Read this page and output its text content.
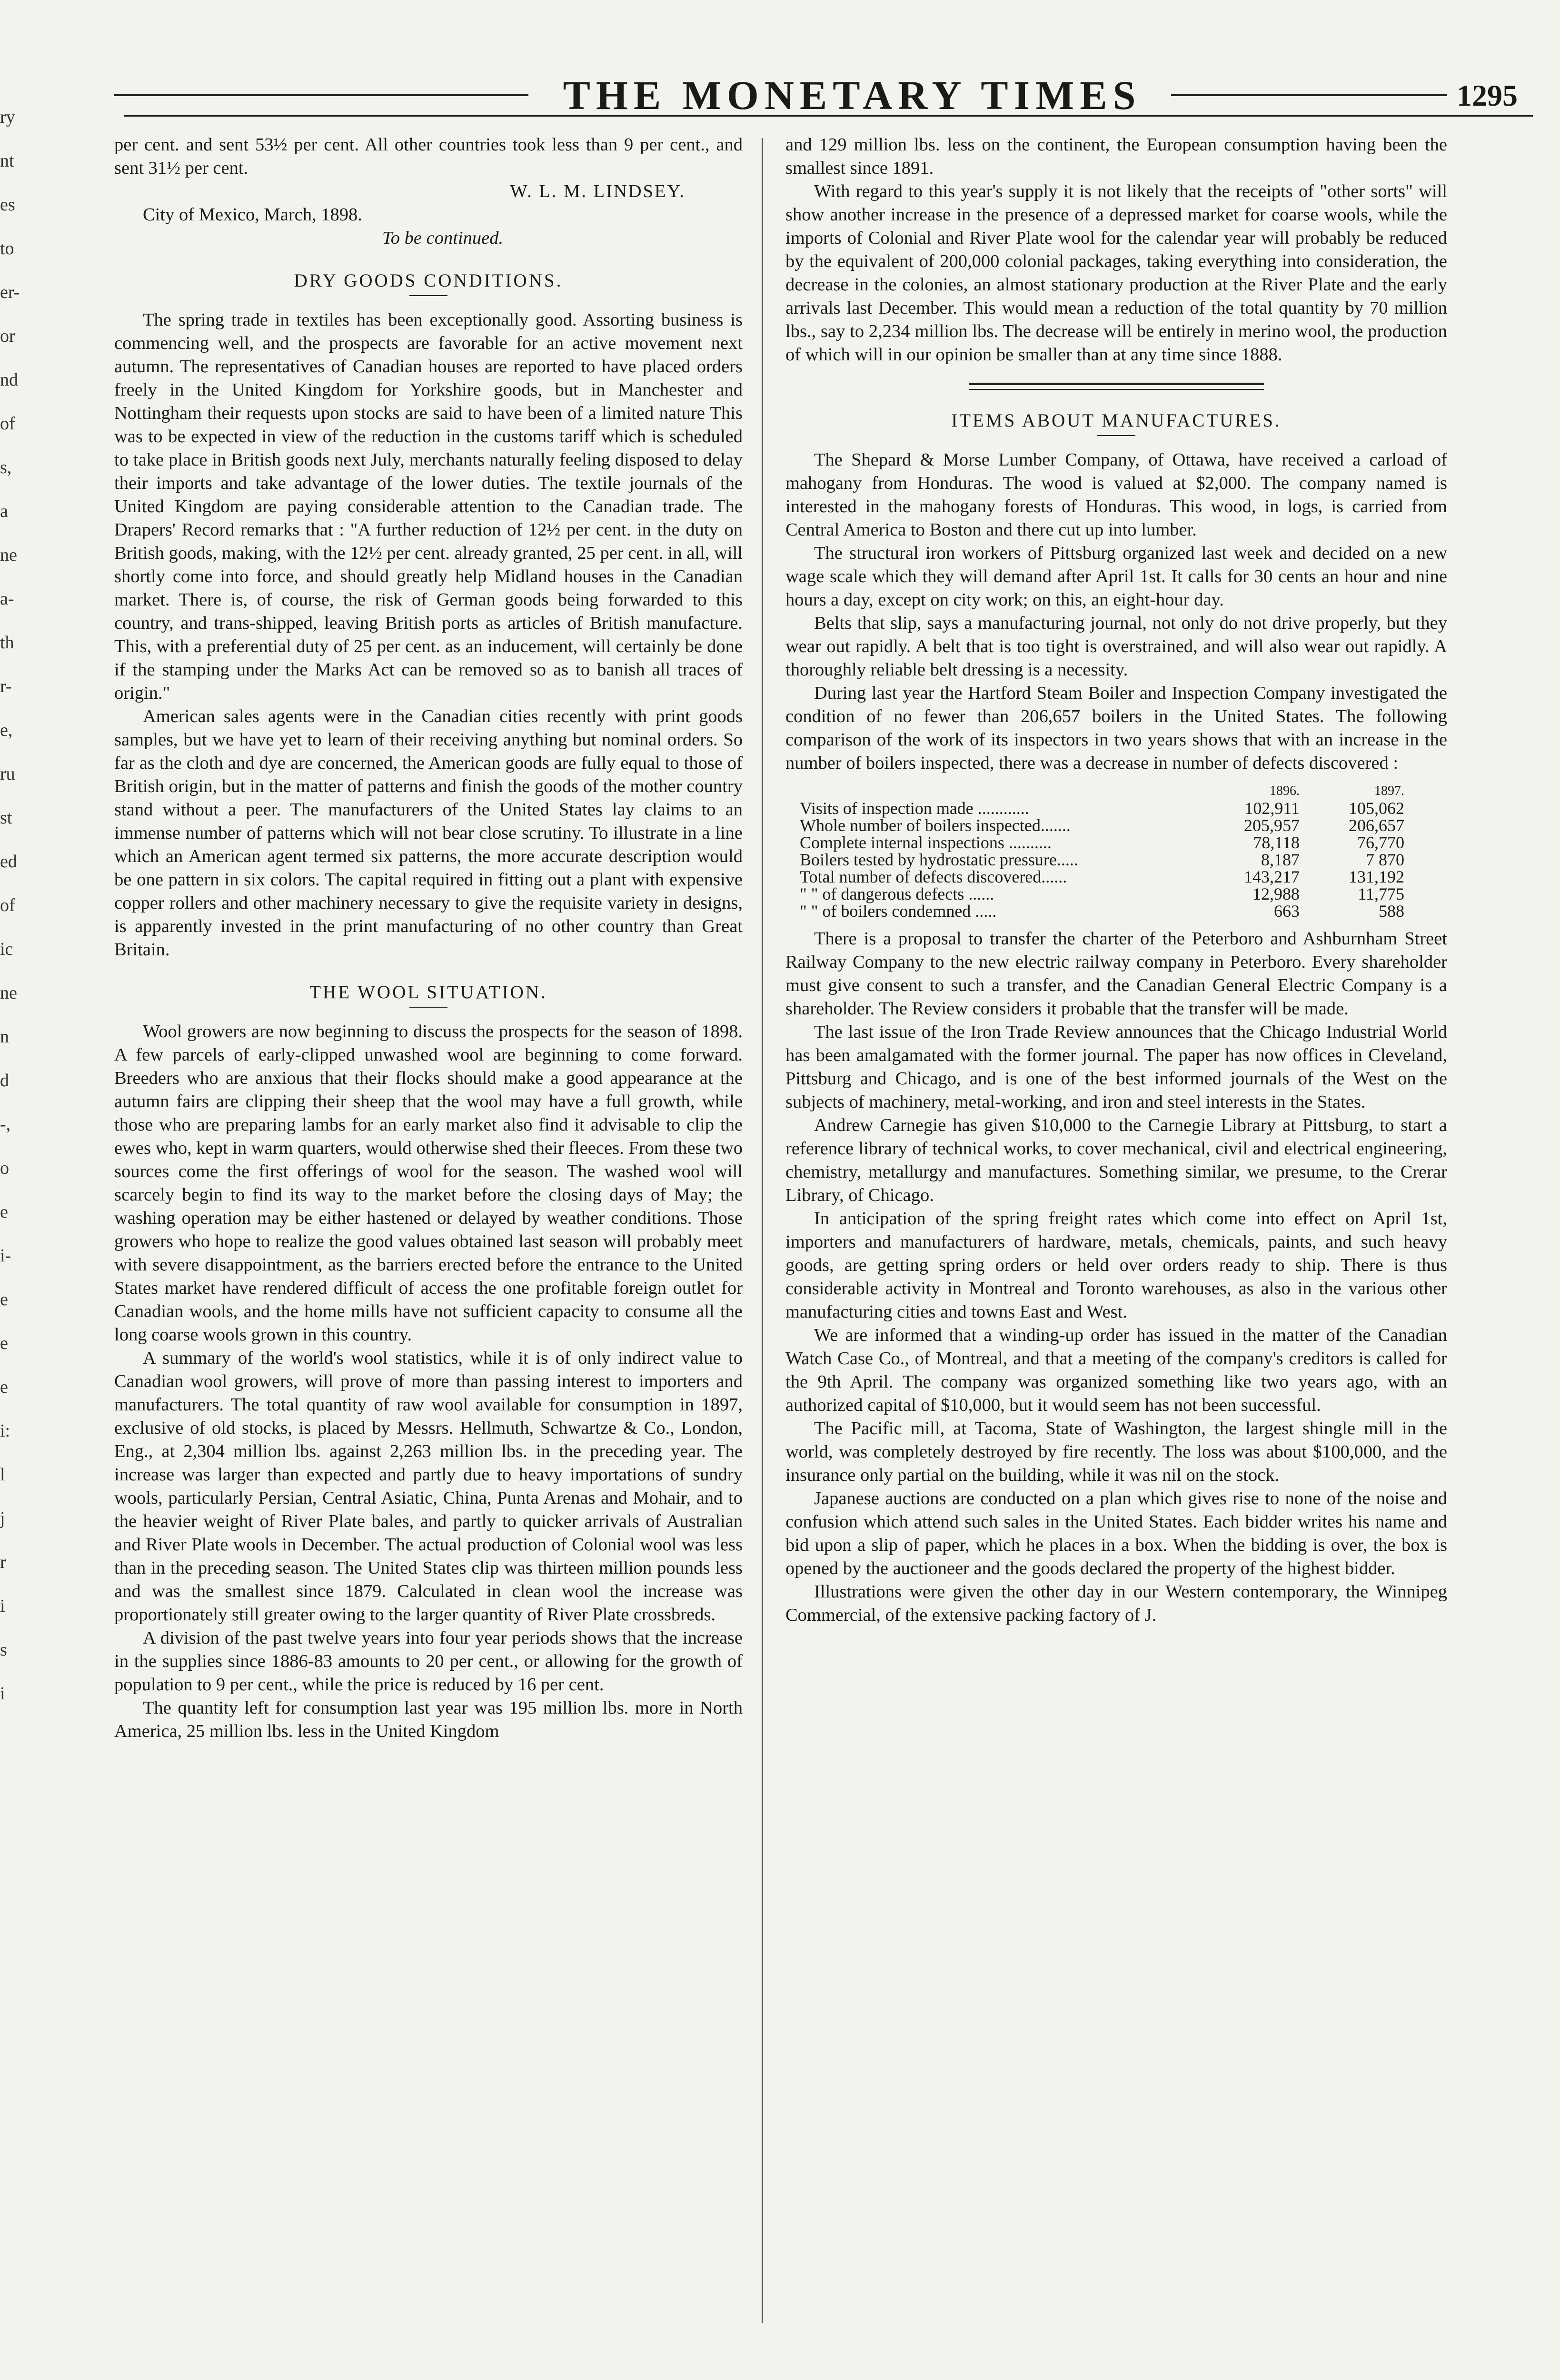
ry
nt
es
to
er-
or
nd
of
s,
a
ne
a-
th
r-
e,
ru
st
ed
of
ic
ne
n
d
-,
o
e
i-
e
e
e
i:
l
j
r
i
s
i
THE MONETARY TIMES	1295

per cent. and sent 53½ per cent. All other countries took less than 9 per cent., and sent 31½ per cent.

W. L. M. LINDSEY.

City of Mexico, March, 1898.

To be continued.

DRY GOODS CONDITIONS.

The spring trade in textiles has been exceptionally good. Assorting business is commencing well, and the prospects are favorable for an active movement next autumn. The representatives of Canadian houses are reported to have placed orders freely in the United Kingdom for Yorkshire goods, but in Manchester and Nottingham their requests upon stocks are said to have been of a limited nature This was to be expected in view of the reduction in the customs tariff which is scheduled to take place in British goods next July, merchants naturally feeling disposed to delay their imports and take advantage of the lower duties. The textile journals of the United Kingdom are paying considerable attention to the Canadian trade. The Drapers' Record remarks that : "A further reduction of 12½ per cent. in the duty on British goods, making, with the 12½ per cent. already granted, 25 per cent. in all, will shortly come into force, and should greatly help Midland houses in the Canadian market. There is, of course, the risk of German goods being forwarded to this country, and trans-shipped, leaving British ports as articles of British manufacture. This, with a preferential duty of 25 per cent. as an inducement, will certainly be done if the stamping under the Marks Act can be removed so as to banish all traces of origin."

American sales agents were in the Canadian cities recently with print goods samples, but we have yet to learn of their receiving anything but nominal orders. So far as the cloth and dye are concerned, the American goods are fully equal to those of British origin, but in the matter of patterns and finish the goods of the mother country stand without a peer. The manufacturers of the United States lay claims to an immense number of patterns which will not bear close scrutiny. To illustrate in a line which an American agent termed six patterns, the more accurate description would be one pattern in six colors. The capital required in fitting out a plant with expensive copper rollers and other machinery necessary to give the requisite variety in designs, is apparently invested in the print manufacturing of no other country than Great Britain.

THE WOOL SITUATION.

Wool growers are now beginning to discuss the prospects for the season of 1898. A few parcels of early-clipped unwashed wool are beginning to come forward. Breeders who are anxious that their flocks should make a good appearance at the autumn fairs are clipping their sheep that the wool may have a full growth, while those who are preparing lambs for an early market also find it advisable to clip the ewes who, kept in warm quarters, would otherwise shed their fleeces. From these two sources come the first offerings of wool for the season. The washed wool will scarcely begin to find its way to the market before the closing days of May; the washing operation may be either hastened or delayed by weather conditions. Those growers who hope to realize the good values obtained last season will probably meet with severe disappointment, as the barriers erected before the entrance to the United States market have rendered difficult of access the one profitable foreign outlet for Canadian wools, and the home mills have not sufficient capacity to consume all the long coarse wools grown in this country.

A summary of the world's wool statistics, while it is of only indirect value to Canadian wool growers, will prove of more than passing interest to importers and manufacturers. The total quantity of raw wool available for consumption in 1897, exclusive of old stocks, is placed by Messrs. Hellmuth, Schwartze & Co., London, Eng., at 2,304 million lbs. against 2,263 million lbs. in the preceding year. The increase was larger than expected and partly due to heavy importations of sundry wools, particularly Persian, Central Asiatic, China, Punta Arenas and Mohair, and to the heavier weight of River Plate bales, and partly to quicker arrivals of Australian and River Plate wools in December. The actual production of Colonial wool was less than in the preceding season. The United States clip was thirteen million pounds less and was the smallest since 1879. Calculated in clean wool the increase was proportionately still greater owing to the larger quantity of River Plate crossbreds.

A division of the past twelve years into four year periods shows that the increase in the supplies since 1886-83 amounts to 20 per cent., or allowing for the growth of population to 9 per cent., while the price is reduced by 16 per cent.

The quantity left for consumption last year was 195 million lbs. more in North America, 25 million lbs. less in the United Kingdom

and 129 million lbs. less on the continent, the European consumption having been the smallest since 1891.

With regard to this year's supply it is not likely that the receipts of "other sorts" will show another increase in the presence of a depressed market for coarse wools, while the imports of Colonial and River Plate wool for the calendar year will probably be reduced by the equivalent of 200,000 colonial packages, taking everything into consideration, the decrease in the colonies, an almost stationary production at the River Plate and the early arrivals last December. This would mean a reduction of the total quantity by 70 million lbs., say to 2,234 million lbs. The decrease will be entirely in merino wool, the production of which will in our opinion be smaller than at any time since 1888.

ITEMS ABOUT MANUFACTURES.

The Shepard & Morse Lumber Company, of Ottawa, have received a carload of mahogany from Honduras. The wood is valued at $2,000. The company named is interested in the mahogany forests of Honduras. This wood, in logs, is carried from Central America to Boston and there cut up into lumber.

The structural iron workers of Pittsburg organized last week and decided on a new wage scale which they will demand after April 1st. It calls for 30 cents an hour and nine hours a day, except on city work; on this, an eight-hour day.

Belts that slip, says a manufacturing journal, not only do not drive properly, but they wear out rapidly. A belt that is too tight is overstrained, and will also wear out rapidly. A thoroughly reliable belt dressing is a necessity.

During last year the Hartford Steam Boiler and Inspection Company investigated the condition of no fewer than 206,657 boilers in the United States. The following comparison of the work of its inspectors in two years shows that with an increase in the number of boilers inspected, there was a decrease in number of defects discovered :

1896.	1897.
Visits of inspection made ............	102,911	105,062
Whole number of boilers inspected.......	205,957	206,657
Complete internal inspections ..........	78,118	76,770
Boilers tested by hydrostatic pressure.....	8,187	7 870
Total number of defects discovered......	143,217	131,192
" " of dangerous defects ......	12,988	11,775
" " of boilers condemned .....	663	588

There is a proposal to transfer the charter of the Peterboro and Ashburnham Street Railway Company to the new electric railway company in Peterboro. Every shareholder must give consent to such a transfer, and the Canadian General Electric Company is a shareholder. The Review considers it probable that the transfer will be made.

The last issue of the Iron Trade Review announces that the Chicago Industrial World has been amalgamated with the former journal. The paper has now offices in Cleveland, Pittsburg and Chicago, and is one of the best informed journals of the West on the subjects of machinery, metal-working, and iron and steel interests in the States.

Andrew Carnegie has given $10,000 to the Carnegie Library at Pittsburg, to start a reference library of technical works, to cover mechanical, civil and electrical engineering, chemistry, metallurgy and manufactures. Something similar, we presume, to the Crerar Library, of Chicago.

In anticipation of the spring freight rates which come into effect on April 1st, importers and manufacturers of hardware, metals, chemicals, paints, and such heavy goods, are getting spring orders or held over orders ready to ship. There is thus considerable activity in Montreal and Toronto warehouses, as also in the various other manufacturing cities and towns East and West.

We are informed that a winding-up order has issued in the matter of the Canadian Watch Case Co., of Montreal, and that a meeting of the company's creditors is called for the 9th April. The company was organized something like two years ago, with an authorized capital of $10,000, but it would seem has not been successful.

The Pacific mill, at Tacoma, State of Washington, the largest shingle mill in the world, was completely destroyed by fire recently. The loss was about $100,000, and the insurance only partial on the building, while it was nil on the stock.

Japanese auctions are conducted on a plan which gives rise to none of the noise and confusion which attend such sales in the United States. Each bidder writes his name and bid upon a slip of paper, which he places in a box. When the bidding is over, the box is opened by the auctioneer and the goods declared the property of the highest bidder.

Illustrations were given the other day in our Western contemporary, the Winnipeg Commercial, of the extensive packing factory of J.
